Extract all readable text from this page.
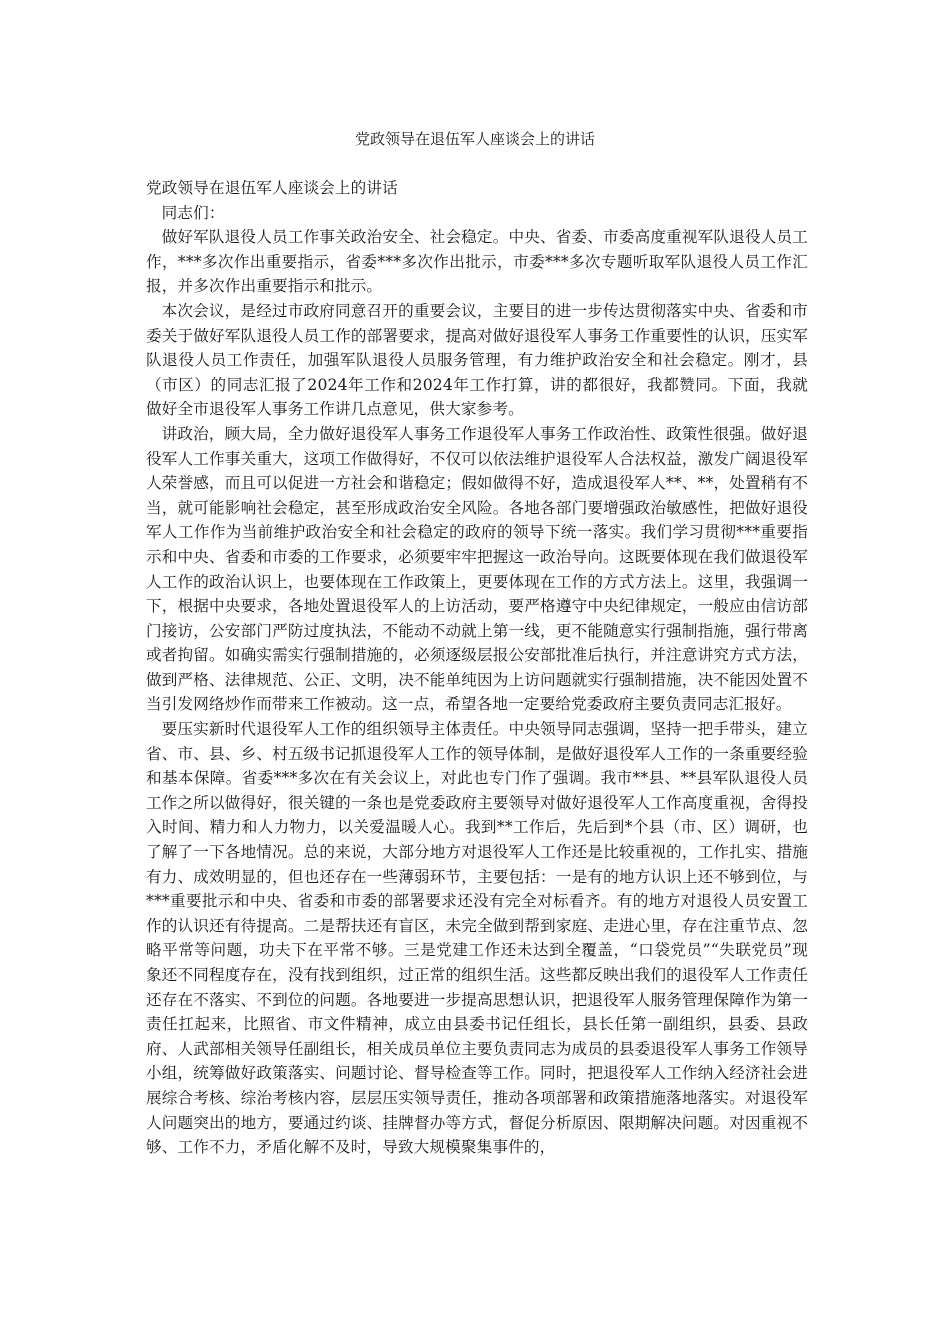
党政领导在退伍军人座谈会上的讲话

党政领导在退伍军人座谈会上的讲话

同志们：

做好军队退役人员工作事关政治安全、社会稳定。中央、省委、市委高度重视军队退役人员工作，***多次作出重要指示，省委***多次作出批示，市委***多次专题听取军队退役人员工作汇报，并多次作出重要指示和批示。

本次会议，是经过市政府同意召开的重要会议，主要目的进一步传达贯彻落实中央、省委和市委关于做好军队退役人员工作的部署要求，提高对做好退役军人事务工作重要性的认识，压实军队退役人员工作责任，加强军队退役人员服务管理，有力维护政治安全和社会稳定。刚才，县（市区）的同志汇报了2024年工作和2024年工作打算，讲的都很好，我都赞同。下面，我就做好全市退役军人事务工作讲几点意见，供大家参考。

讲政治，顾大局，全力做好退役军人事务工作退役军人事务工作政治性、政策性很强。做好退役军人工作事关重大，这项工作做得好，不仅可以依法维护退役军人合法权益，激发广阔退役军人荣誉感，而且可以促进一方社会和谐稳定；假如做得不好，造成退役军人**、**，处置稍有不当，就可能影响社会稳定，甚至形成政治安全风险。各地各部门要增强政治敏感性，把做好退役军人工作作为当前维护政治安全和社会稳定的政府的领导下统一落实。我们学习贯彻***重要指示和中央、省委和市委的工作要求，必须要牢牢把握这一政治导向。这既要体现在我们做退役军人工作的政治认识上，也要体现在工作政策上，更要体现在工作的方式方法上。这里，我强调一下，根据中央要求，各地处置退役军人的上访活动，要严格遵守中央纪律规定，一般应由信访部门接访，公安部门严防过度执法，不能动不动就上第一线，更不能随意实行强制指施，强行带离或者拘留。如确实需实行强制措施的，必须逐级层报公安部批准后执行，并注意讲究方式方法，做到严格、法律规范、公正、文明，决不能单纯因为上访问题就实行强制措施，决不能因处置不当引发网络炒作而带来工作被动。这一点，希望各地一定要给党委政府主要负责同志汇报好。

要压实新时代退役军人工作的组织领导主体责任。中央领导同志强调，坚持一把手带头，建立省、市、县、乡、村五级书记抓退役军人工作的领导体制，是做好退役军人工作的一条重要经验和基本保障。省委***多次在有关会议上，对此也专门作了强调。我市**县、**县军队退役人员工作之所以做得好，很关键的一条也是党委政府主要领导对做好退役军人工作高度重视，舍得投入时间、精力和人力物力，以关爱温暖人心。我到**工作后，先后到*个县（市、区）调研，也了解了一下各地情况。总的来说，大部分地方对退役军人工作还是比较重视的，工作扎实、措施有力、成效明显的，但也还存在一些薄弱环节，主要包括：一是有的地方认识上还不够到位，与***重要批示和中央、省委和市委的部署要求还没有完全对标看齐。有的地方对退役人员安置工作的认识还有待提高。二是帮扶还有盲区，未完全做到帮到家庭、走进心里，存在注重节点、忽略平常等问题，功夫下在平常不够。三是党建工作还未达到全覆盖，“口袋党员”“失联党员”现象还不同程度存在，没有找到组织，过正常的组织生活。这些都反映出我们的退役军人工作责任还存在不落实、不到位的问题。各地要进一步提高思想认识，把退役军人服务管理保障作为第一责任扛起来，比照省、市文件精神，成立由县委书记任组长，县长任第一副组织，县委、县政府、人武部相关领导任副组长，相关成员单位主要负责同志为成员的县委退役军人事务工作领导小组，统筹做好政策落实、问题讨论、督导检查等工作。同时，把退役军人工作纳入经济社会进展综合考核、综治考核内容，层层压实领导责任，推动各项部署和政策措施落地落实。对退役军人问题突出的地方，要通过约谈、挂牌督办等方式，督促分析原因、限期解决问题。对因重视不够、工作不力，矛盾化解不及时，导致大规模聚集事件的，
